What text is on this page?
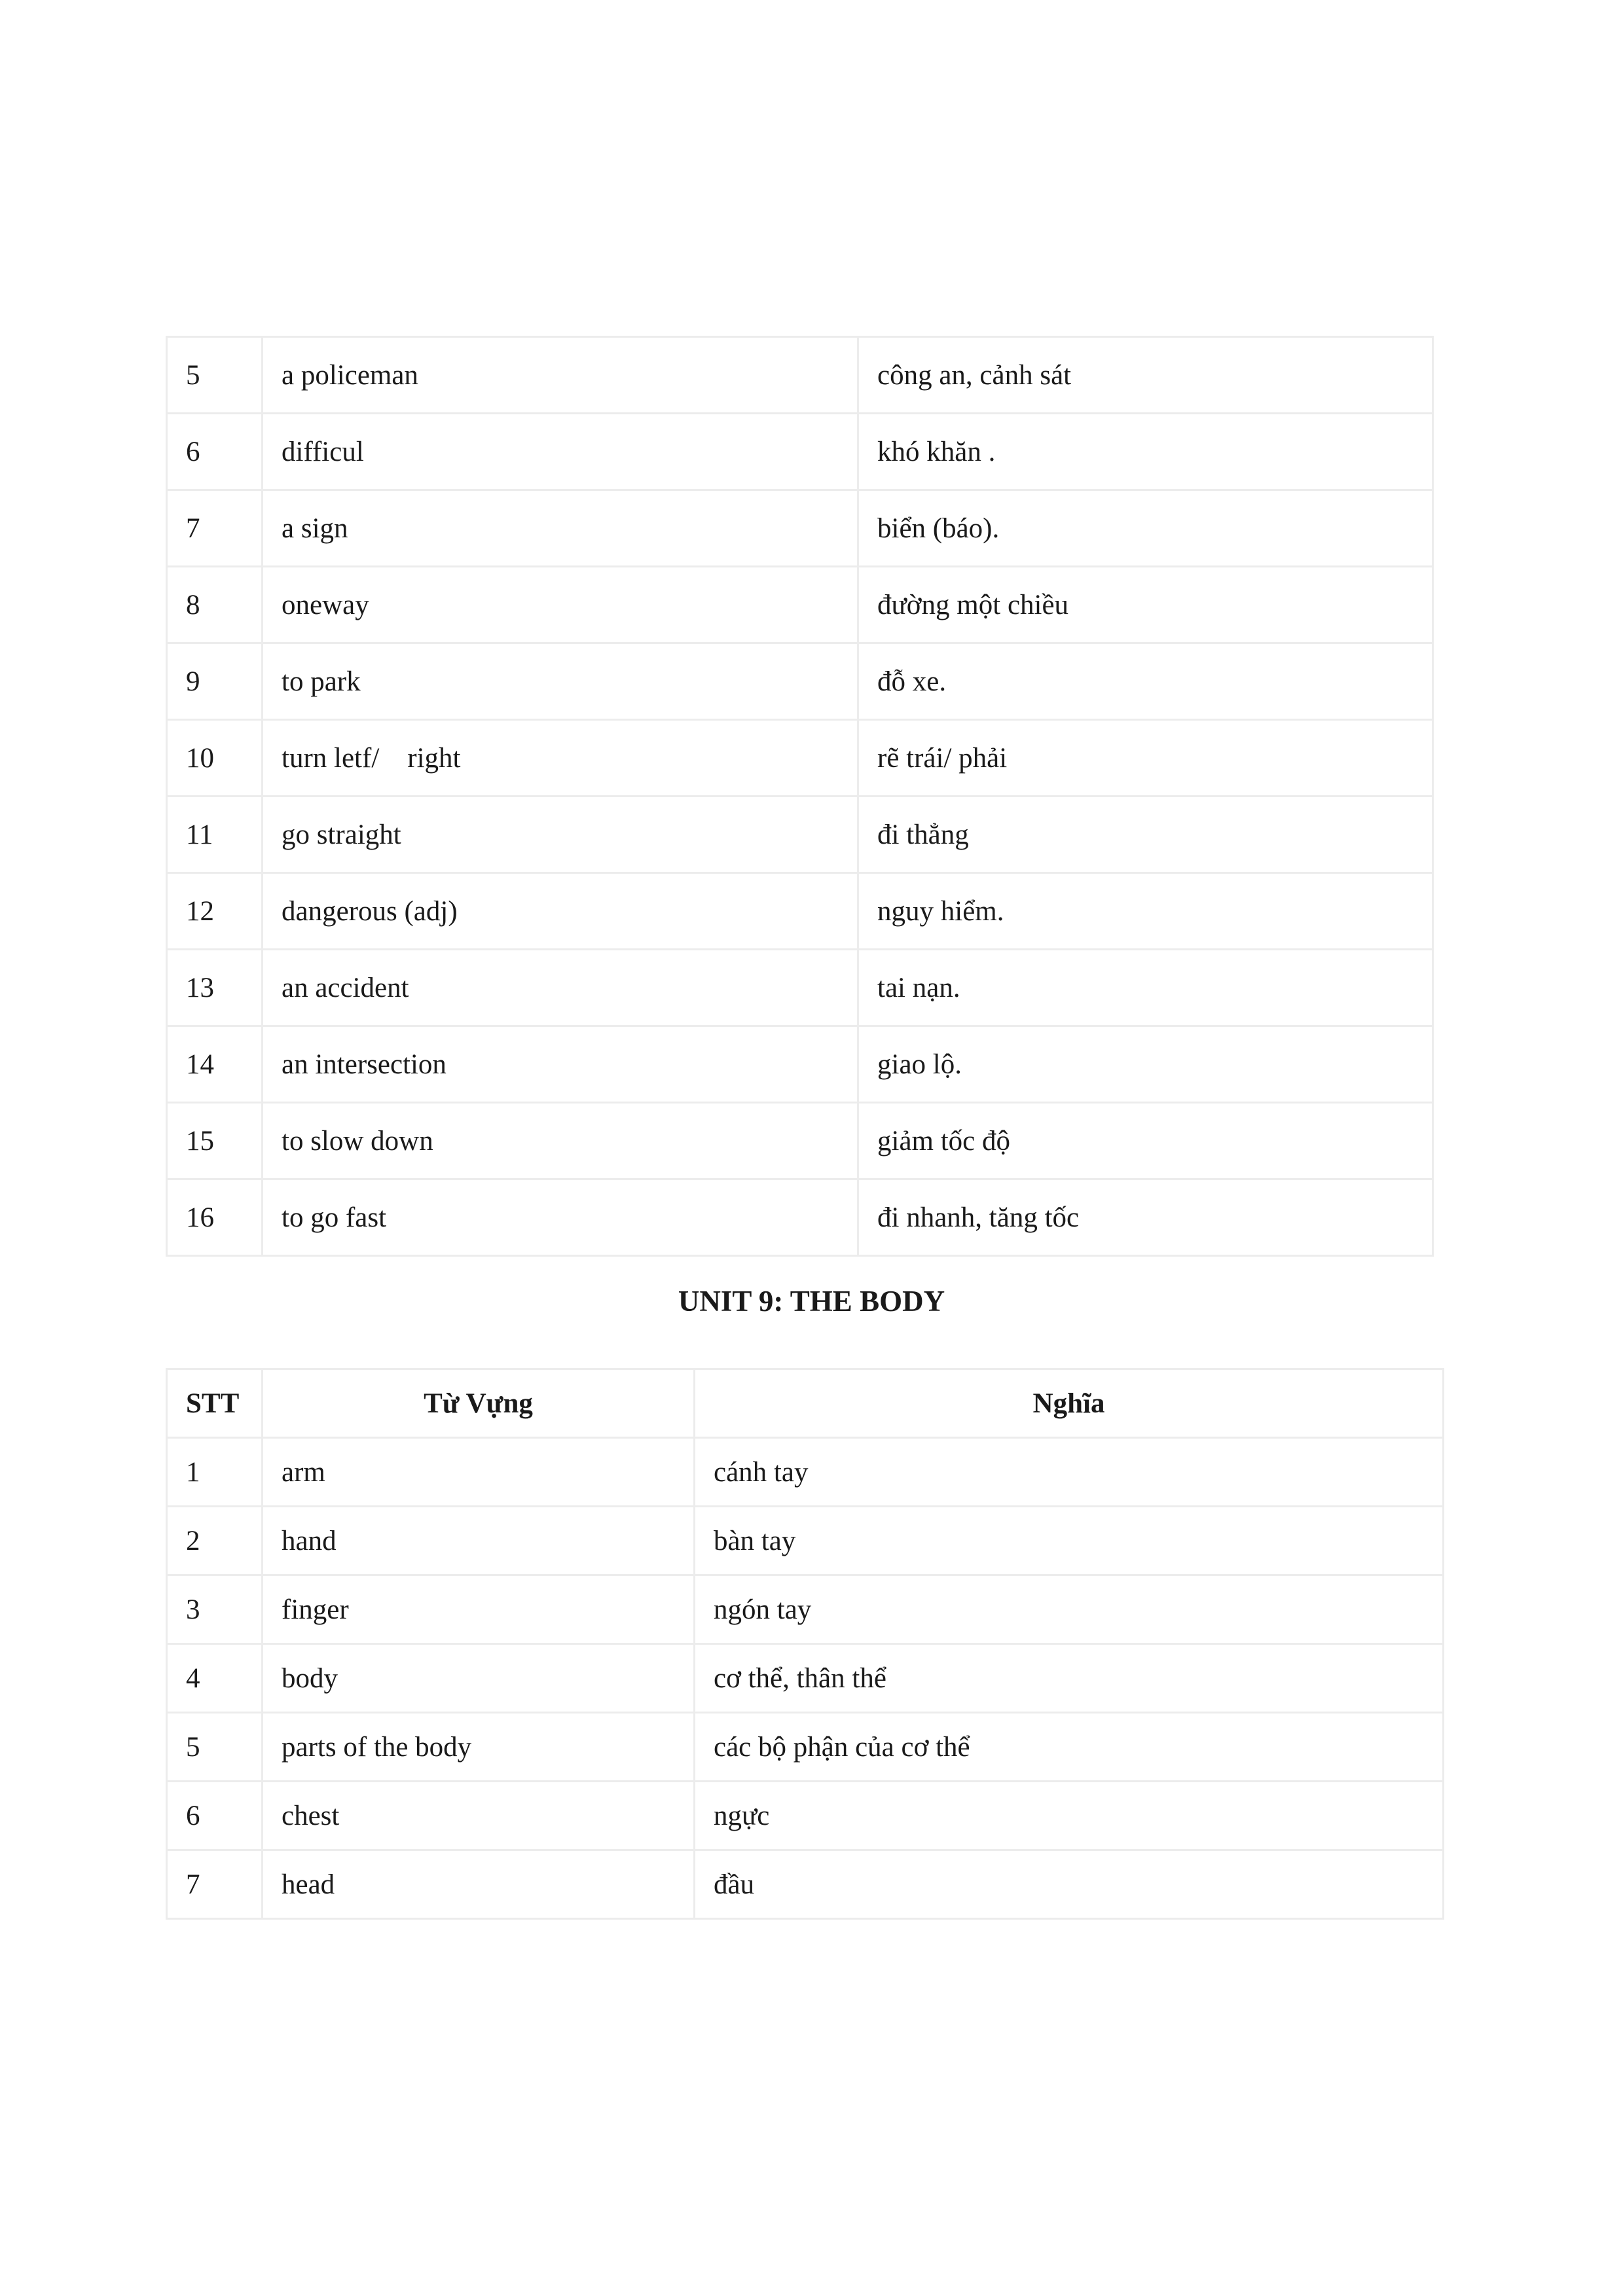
5	a policeman	công an, cảnh sát
6	difficul	khó khăn .
7	a sign	biển (báo).
8	oneway	đường một chiều
9	to park	đỗ xe.
10	turn letf/    right	rẽ trái/ phải
11	go straight	đi thẳng
12	dangerous (adj)	nguy hiểm.
13	an accident	tai nạn.
14	an intersection	giao lộ.
15	to slow down	giảm tốc độ
16	to go fast	đi nhanh, tăng tốc
UNIT 9: THE BODY
STT	Từ Vựng	Nghĩa
1	arm	cánh tay
2	hand	bàn tay
3	finger	ngón tay
4	body	cơ thể, thân thể
5	parts of the body	các bộ phận của cơ thể
6	chest	ngực
7	head	đầu
